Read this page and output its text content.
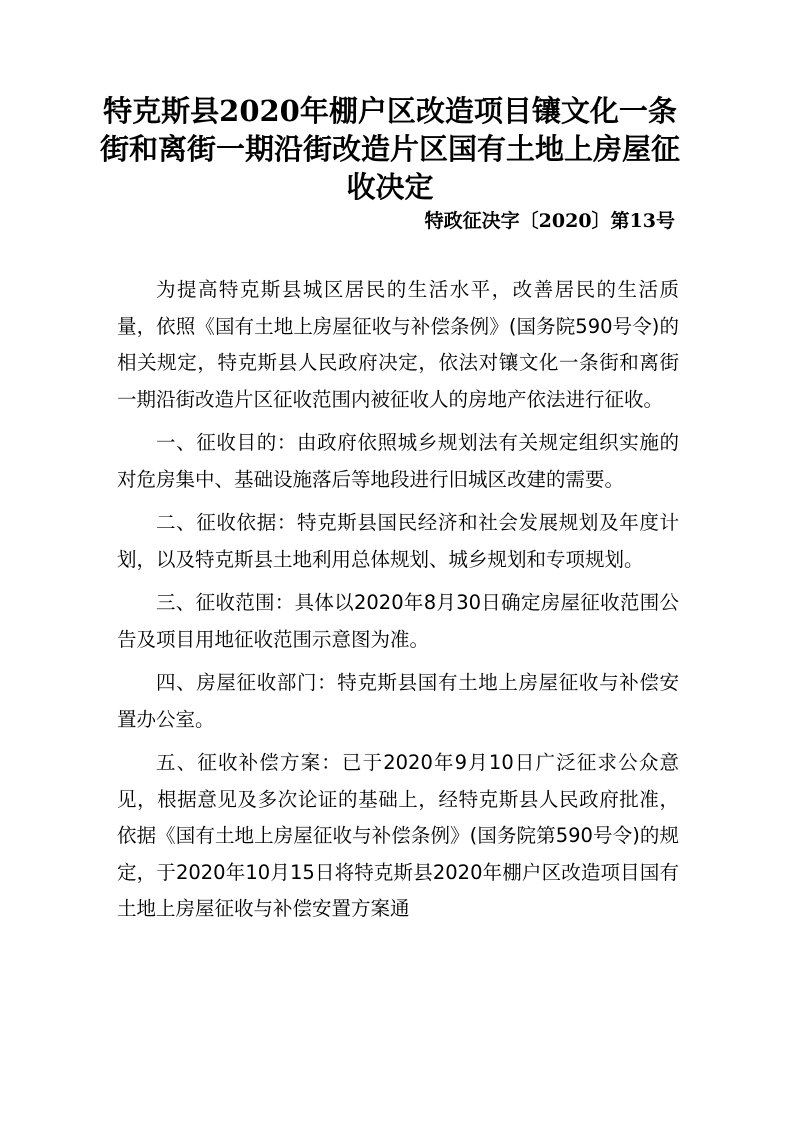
特克斯县2020年棚户区改造项目镶文化一条街和离街一期沿街改造片区国有土地上房屋征收决定

特政征决字〔2020〕第13号

为提高特克斯县城区居民的生活水平，改善居民的生活质量，依照《国有土地上房屋征收与补偿条例》(国务院590号令)的相关规定，特克斯县人民政府决定，依法对镶文化一条街和离街一期沿街改造片区征收范围内被征收人的房地产依法进行征收。

一、征收目的：由政府依照城乡规划法有关规定组织实施的对危房集中、基础设施落后等地段进行旧城区改建的需要。

二、征收依据：特克斯县国民经济和社会发展规划及年度计划，以及特克斯县土地利用总体规划、城乡规划和专项规划。

三、征收范围：具体以2020年8月30日确定房屋征收范围公告及项目用地征收范围示意图为准。

四、房屋征收部门：特克斯县国有土地上房屋征收与补偿安置办公室。

五、征收补偿方案：已于2020年9月10日广泛征求公众意见，根据意见及多次论证的基础上，经特克斯县人民政府批准，依据《国有土地上房屋征收与补偿条例》(国务院第590号令)的规定，于2020年10月15日将特克斯县2020年棚户区改造项目国有土地上房屋征收与补偿安置方案通
